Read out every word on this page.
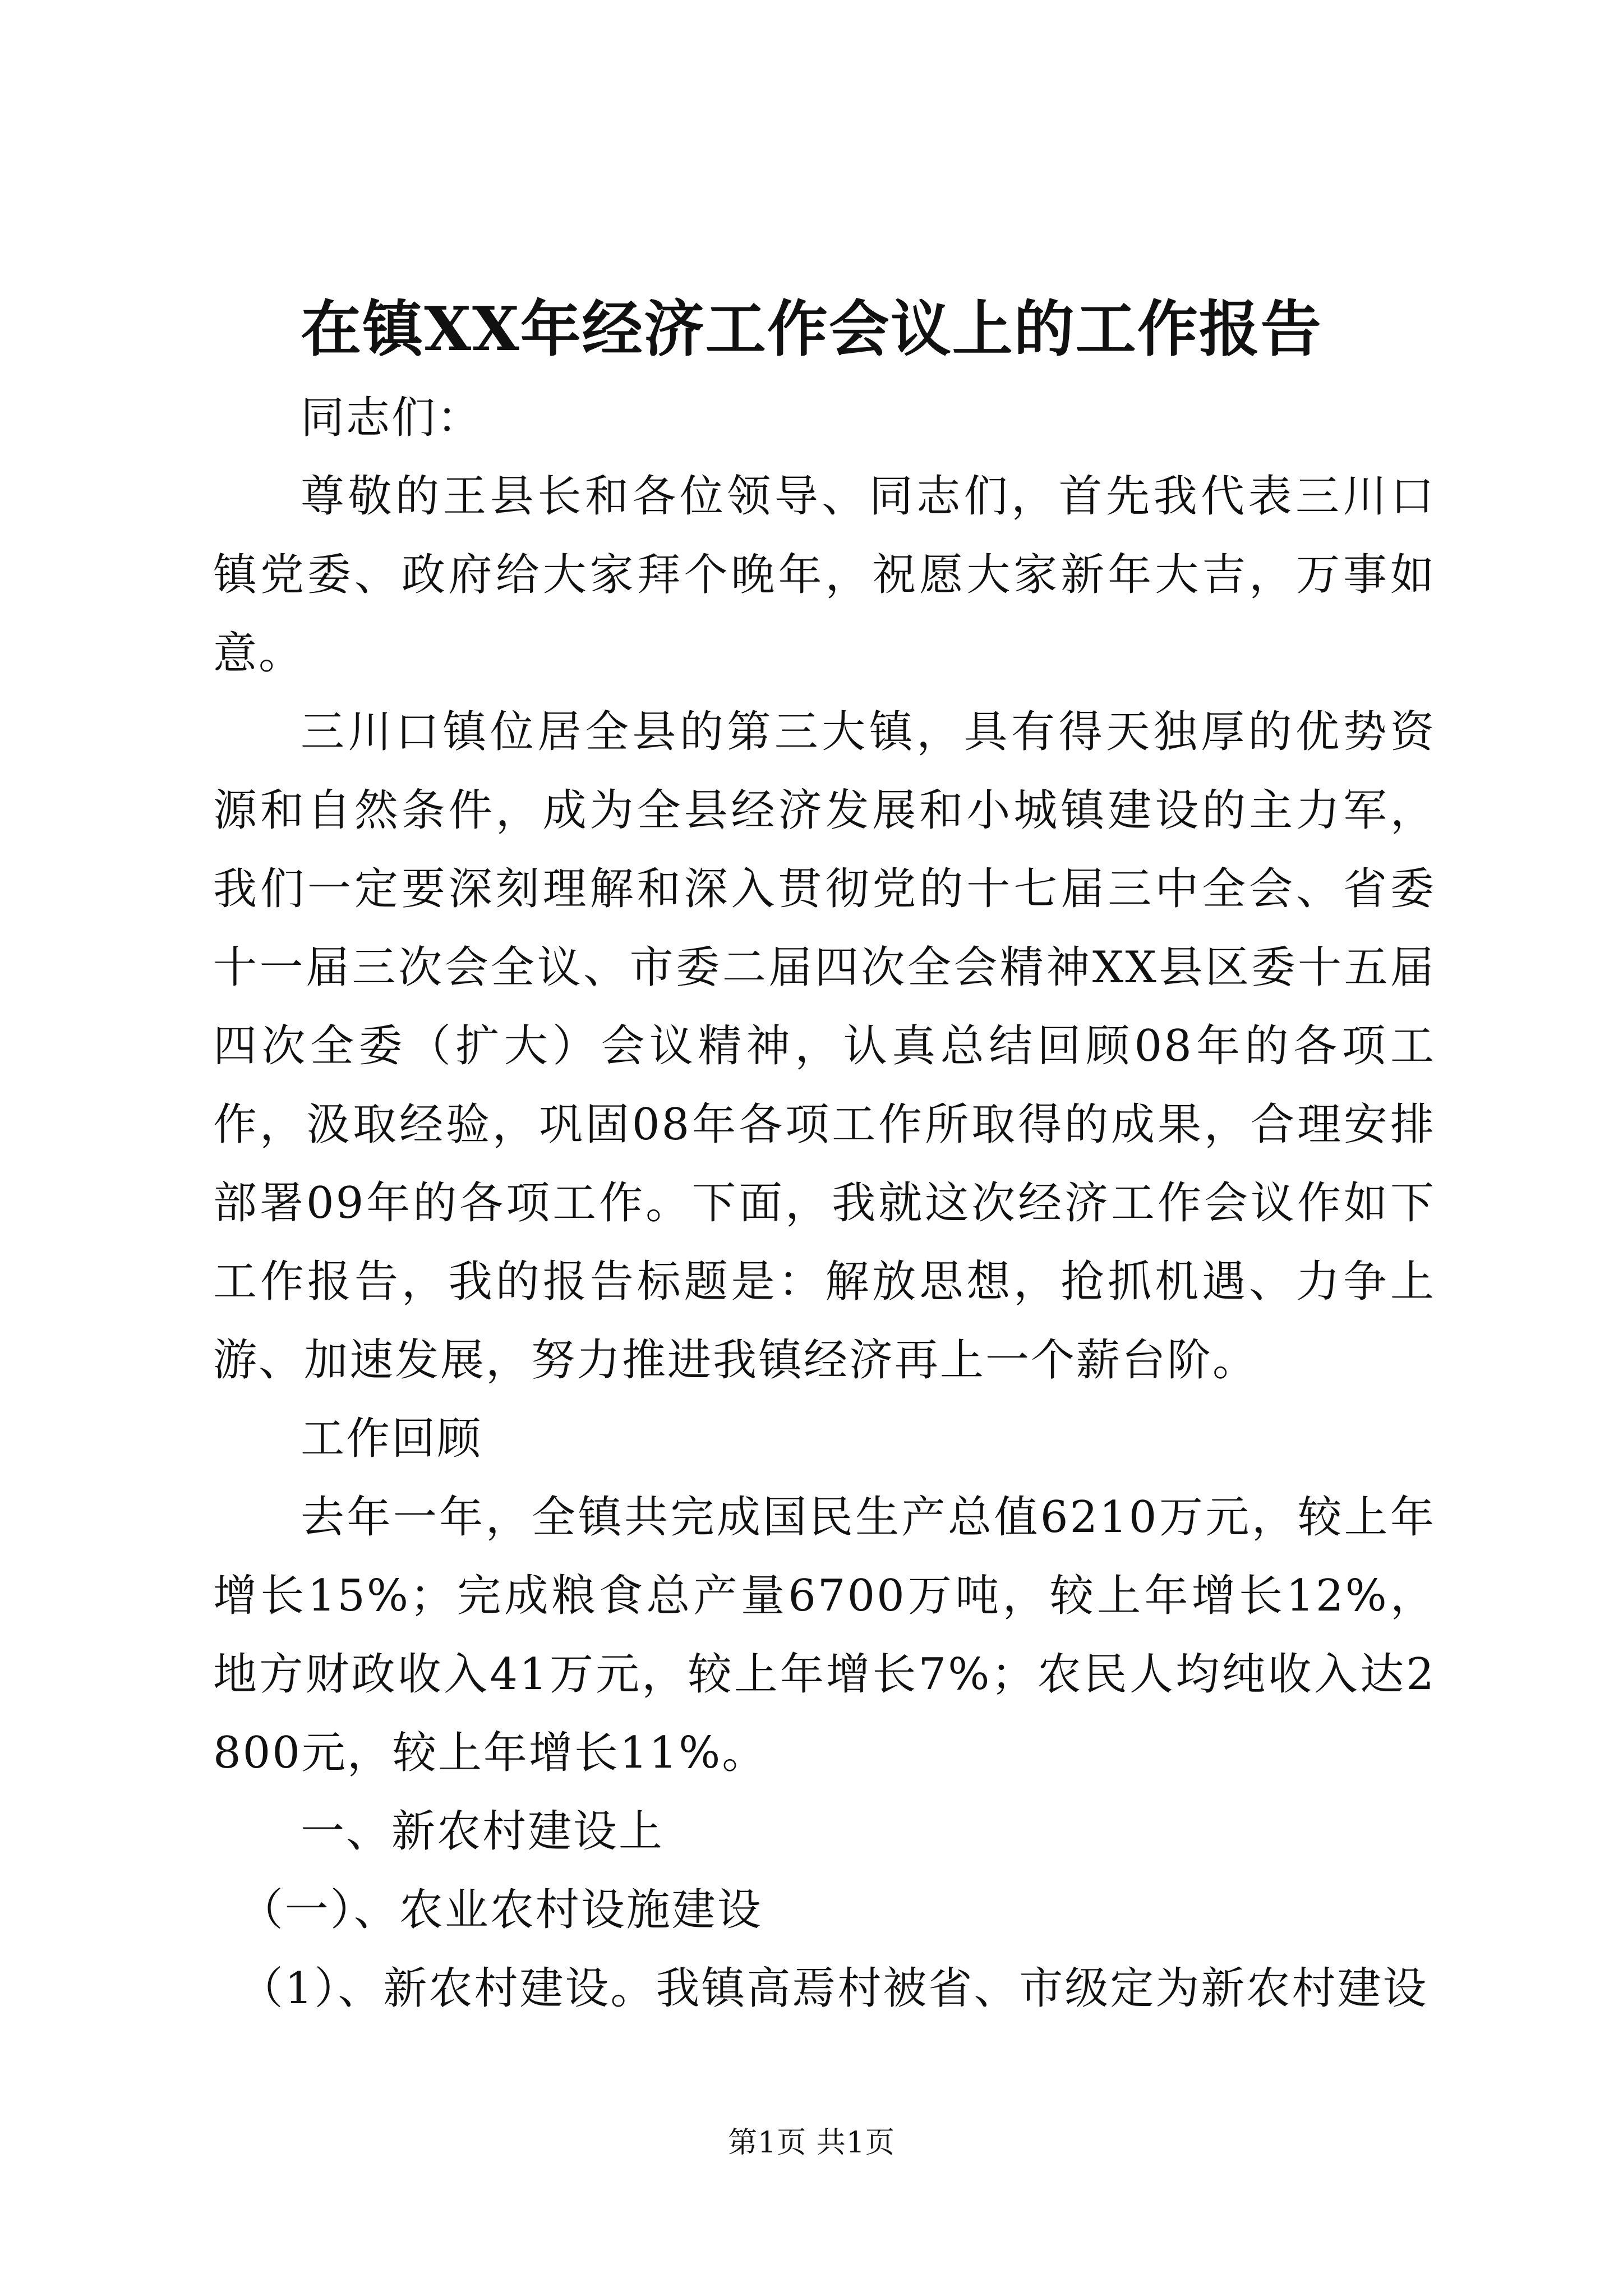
在镇XX年经济工作会议上的工作报告

同志们：

尊敬的王县长和各位领导、同志们，首先我代表三川口镇党委、政府给大家拜个晚年，祝愿大家新年大吉，万事如意。

三川口镇位居全县的第三大镇，具有得天独厚的优势资源和自然条件，成为全县经济发展和小城镇建设的主力军，我们一定要深刻理解和深入贯彻党的十七届三中全会、省委十一届三次会全议、市委二届四次全会精神XX县区委十五届四次全委（扩大）会议精神，认真总结回顾08年的各项工作，汲取经验，巩固08年各项工作所取得的成果，合理安排部署09年的各项工作。下面，我就这次经济工作会议作如下工作报告，我的报告标题是：解放思想，抢抓机遇、力争上游、加速发展，努力推进我镇经济再上一个薪台阶。

工作回顾

去年一年，全镇共完成国民生产总值6210万元，较上年增长15%；完成粮食总产量6700万吨，较上年增长12%，地方财政收入41万元，较上年增长7%；农民人均纯收入达2800元，较上年增长11%。

一、新农村建设上

（一）、农业农村设施建设

（1）、新农村建设。我镇高焉村被省、市级定为新农村建设

第1页 共1页
